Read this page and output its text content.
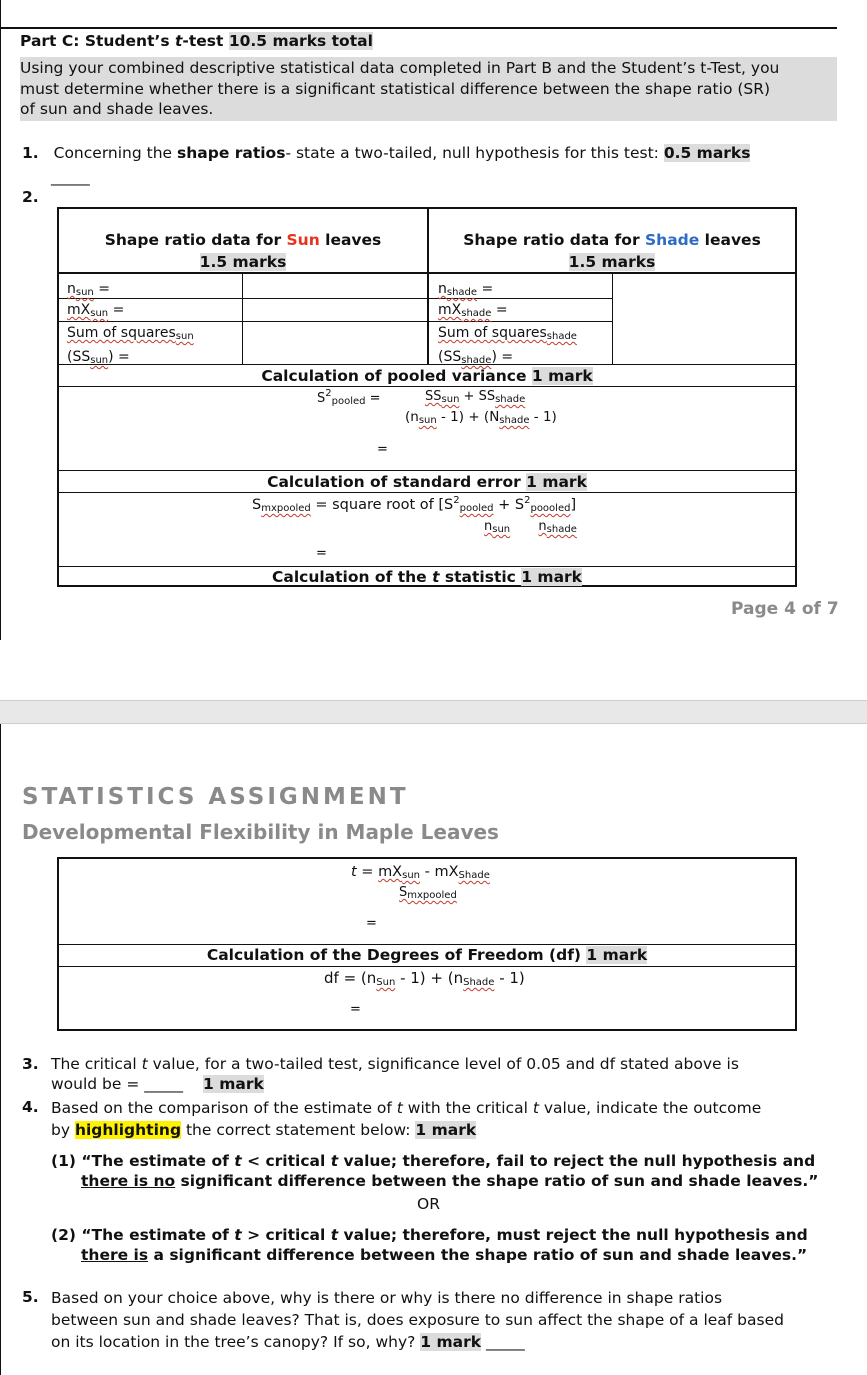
Part C: Student’s t-test 10.5 marks total
Using your combined descriptive statistical data completed in Part B and the Student’s t-Test, you
must determine whether there is a significant statistical difference between the shape ratio (SR)
of sun and shade leaves.
1. Concerning the shape ratios- state a two-tailed, null hypothesis for this test: 0.5 marks
_____
2.
Shape ratio data for Sun leaves
1.5 marks
Shape ratio data for Shade leaves
1.5 marks
$n_{sun}$ =
$mX_{sun}$ =
Sum of squares$_{sun}$
$(SS_{sun})$ =
$n_{shade}$ =
$mX_{shade}$ =
Sum of squares$_{shade}$
$(SS_{shade})$ =
Calculation of pooled variance 1 mark
$S^2_{pooled}$ =	$SS_{sun} + SS_{shade}$
$(n_{sun} - 1) + (N_{shade} - 1)$
=
Calculation of standard error 1 mark
$S_{mxpooled}$ = square root of $[S^2_{pooled} + S^2_{poooled}]$
$n_{sun}$ $n_{shade}$
=
Calculation of the t statistic 1 mark
Page 4 of 7
STATISTICS ASSIGNMENT
Developmental Flexibility in Maple Leaves
$t = mX_{sun} - mX_{Shade}$
$S_{mxpooled}$
=
Calculation of the Degrees of Freedom (df) 1 mark
df = $(n_{Sun} - 1) + (n_{Shade} - 1)$
=
3. The critical t value, for a two-tailed test, significance level of 0.05 and df stated above is
would be = _____ 1 mark
4. Based on the comparison of the estimate of t with the critical t value, indicate the outcome
by highlighting the correct statement below: 1 mark
(1) “The estimate of t < critical t value; therefore, fail to reject the null hypothesis and
there is no significant difference between the shape ratio of sun and shade leaves.”
OR
(2) “The estimate of t > critical t value; therefore, must reject the null hypothesis and
there is a significant difference between the shape ratio of sun and shade leaves.”
5. Based on your choice above, why is there or why is there no difference in shape ratios
between sun and shade leaves? That is, does exposure to sun affect the shape of a leaf based
on its location in the tree’s canopy? If so, why? 1 mark _____
